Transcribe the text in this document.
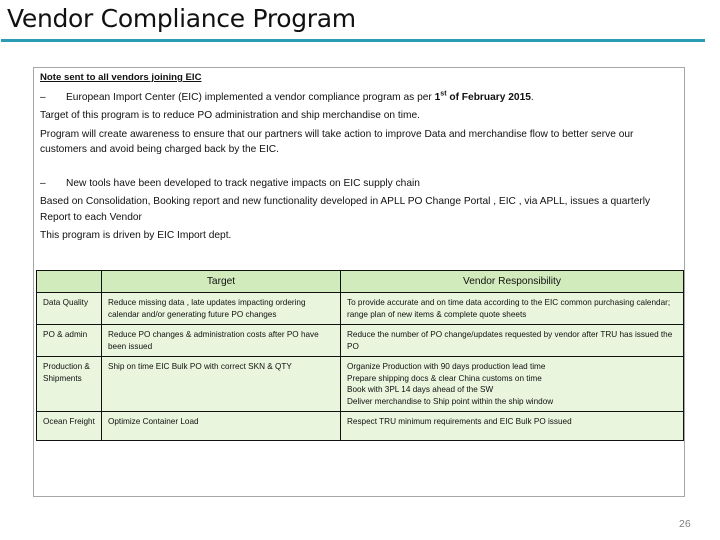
Vendor Compliance Program

Note sent to all vendors joining EIC

– European Import Center (EIC) implemented a vendor compliance program as per 1st of February 2015.

Target of this program is to reduce PO administration and ship merchandise on time.

Program will create awareness to ensure that our partners will take action to improve Data and merchandise flow to better serve our customers and avoid being charged back by the EIC.

– New tools have been developed to track negative impacts on EIC supply chain

Based on Consolidation, Booking report and new functionality developed in APLL PO Change Portal , EIC , via APLL, issues a quarterly Report to each Vendor

This program is driven by EIC Import dept.

	Target	Vendor Responsibility
Data Quality	Reduce missing data , late updates impacting ordering calendar and/or generating future PO changes	To provide accurate and on time data according to the EIC common purchasing calendar; range plan of new items & complete quote sheets
PO & admin	Reduce PO changes & administration costs after PO have been issued	Reduce the number of PO change/updates requested by vendor after TRU has issued the PO
Production & Shipments	Ship on time EIC Bulk PO with correct SKN & QTY	Organize Production with 90 days production lead time
Prepare shipping docs & clear China customs on time
Book with 3PL 14 days ahead of the SW
Deliver merchandise to Ship point within the ship window

Ocean Freight	Optimize Container Load	Respect TRU minimum requirements and EIC Bulk PO issued
26
